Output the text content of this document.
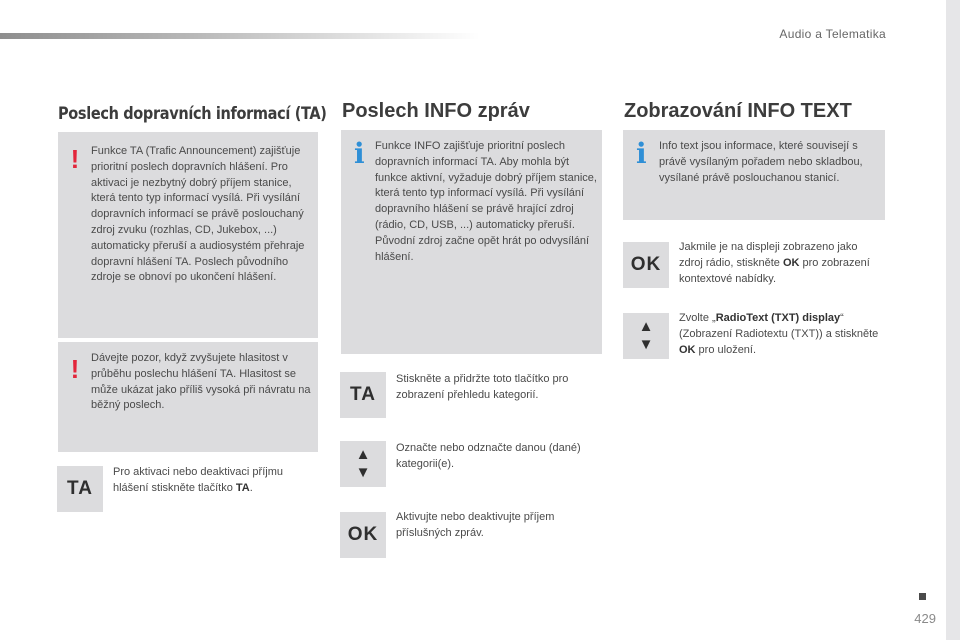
Audio a Telematika
Poslech dopravních informací (TA) Poslech INFO zpráv	Zobrazování INFO TEXT
! Funkce TA (Trafic Announcement) zajišťuje prioritní poslech dopravních hlášení. Pro aktivaci je nezbytný dobrý příjem stanice, která tento typ informací vysílá. Při vysílání dopravních informací se právě poslouchaný zdroj zvuku (rozhlas, CD, Jukebox, ...) automaticky přeruší a audiosystém přehraje dopravní hlášení TA. Poslech původního zdroje se obnoví po ukončení hlášení.
! Dávejte pozor, když zvyšujete hlasitost v průběhu poslechu hlášení TA. Hlasitost se může ukázat jako příliš vysoká při návratu na běžný poslech.
TA
Pro aktivaci nebo deaktivaci příjmu hlášení stiskněte tlačítko TA.
i Funkce INFO zajišťuje prioritní poslech dopravních informací TA. Aby mohla být funkce aktivní, vyžaduje dobrý příjem stanice, která tento typ informací vysílá. Při vysílání dopravního hlášení se právě hrající zdroj (rádio, CD, USB, ...) automaticky přeruší. Původní zdroj začne opět hrát po odvysílání hlášení.
TA
Stiskněte a přidržte toto tlačítko pro zobrazení přehledu kategorií.
▲
▼
Označte nebo odznačte danou (dané) kategorii(e).
OK
Aktivujte nebo deaktivujte příjem příslušných zpráv.
i Info text jsou informace, které souvisejí s právě vysílaným pořadem nebo skladbou, vysílané právě poslouchanou stanicí.
OK
Jakmile je na displeji zobrazeno jako zdroj rádio, stiskněte OK pro zobrazení kontextové nabídky.
▲
▼
Zvolte „RadioText (TXT) display“ (Zobrazení Radiotextu (TXT)) a stiskněte OK pro uložení.
429
